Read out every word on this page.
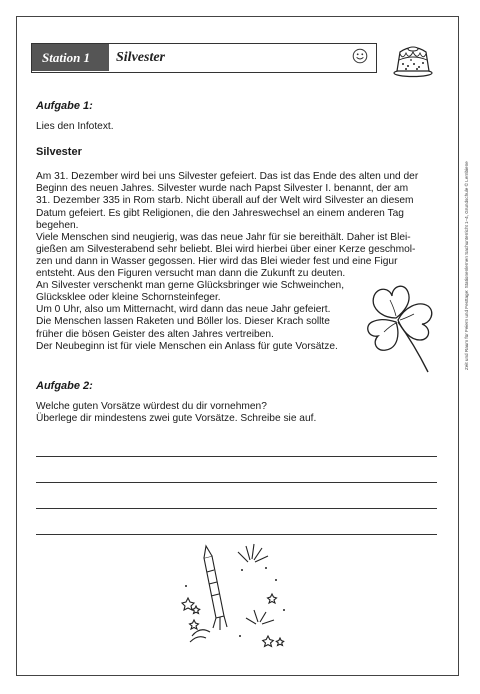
Station 1	Silvester

Aufgabe 1:

Lies den Infotext.

Silvester

Am 31. Dezember wird bei uns Silvester gefeiert. Das ist das Ende des alten und der

Beginn des neuen Jahres. Silvester wurde nach Papst Silvester I. benannt, der am

31. Dezember 335 in Rom starb. Nicht überall auf der Welt wird Silvester an diesem

Datum gefeiert. Es gibt Religionen, die den Jahreswechsel an einem anderen Tag

begehen.

Viele Menschen sind neugierig, was das neue Jahr für sie bereithält. Daher ist Blei-

gießen am Silvesterabend sehr beliebt. Blei wird hierbei über einer Kerze geschmol-

zen und dann in Wasser gegossen. Hier wird das Blei wieder fest und eine Figur

entsteht. Aus den Figuren versucht man dann die Zukunft zu deuten.

An Silvester verschenkt man gerne Glücksbringer wie Schweinchen,

Glücksklee oder kleine Schornsteinfeger.

Um 0 Uhr, also um Mitternacht, wird dann das neue Jahr gefeiert.

Die Menschen lassen Raketen und Böller los. Dieser Krach sollte

früher die bösen Geister des alten Jahres vertreiben.

Der Neubeginn ist für viele Menschen ein Anlass für gute Vorsätze.

Aufgabe 2:

Welche guten Vorsätze würdest du dir vornehmen?

Überlege dir mindestens zwei gute Vorsätze. Schreibe sie auf.

Zeit und Raum für Feiern und Festtage: Stationenlernen Sachunterricht 1–4, Grundschule © Lernbiene
